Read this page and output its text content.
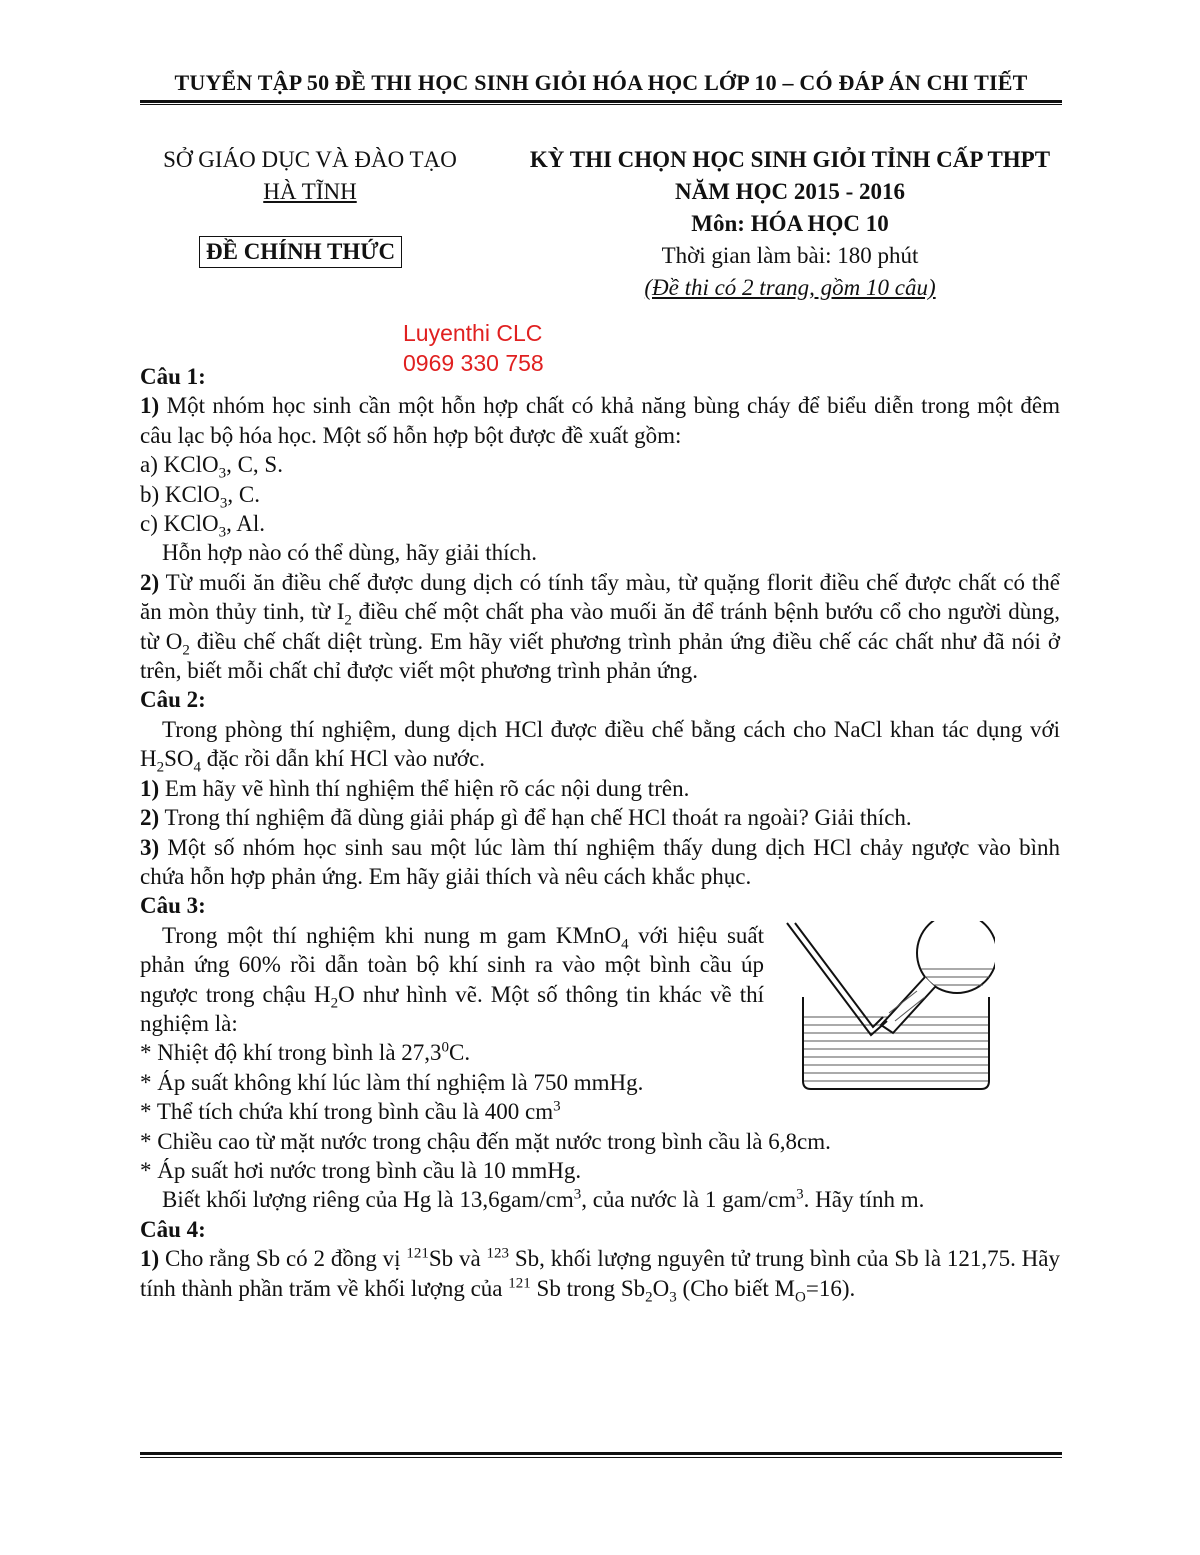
TUYỂN TẬP 50 ĐỀ THI HỌC SINH GIỎI HÓA HỌC LỚP 10 – CÓ ĐÁP ÁN CHI TIẾT
SỞ GIÁO DỤC VÀ ĐÀO TẠO
HÀ TĨNH
ĐỀ CHÍNH THỨC
KỲ THI CHỌN HỌC SINH GIỎI TỈNH CẤP THPT
NĂM HỌC 2015 - 2016
Môn: HÓA HỌC 10
Thời gian làm bài: 180 phút
(Đề thi có 2 trang, gồm 10 câu)
Luyenthi CLC
0969 330 758

Câu 1:

1) Một nhóm học sinh cần một hỗn hợp chất có khả năng bùng cháy để biểu diễn trong một đêm câu lạc bộ hóa học. Một số hỗn hợp bột được đề xuất gồm:

a) KClO$_3$, C, S.

b) KClO$_3$, C.

c) KClO$_3$, Al.

Hỗn hợp nào có thể dùng, hãy giải thích.

2) Từ muối ăn điều chế được dung dịch có tính tẩy màu, từ quặng florit điều chế được chất có thể ăn mòn thủy tinh, từ $I_2$ điều chế một chất pha vào muối ăn để tránh bệnh bướu cổ cho người dùng, từ $O_2$ điều chế chất diệt trùng. Em hãy viết phương trình phản ứng điều chế các chất như đã nói ở trên, biết mỗi chất chỉ được viết một phương trình phản ứng.

Câu 2:

Trong phòng thí nghiệm, dung dịch HCl được điều chế bằng cách cho NaCl khan tác dụng với $H_2SO_4$ đặc rồi dẫn khí HCl vào nước.

1) Em hãy vẽ hình thí nghiệm thể hiện rõ các nội dung trên.

2) Trong thí nghiệm đã dùng giải pháp gì để hạn chế HCl thoát ra ngoài? Giải thích.

3) Một số nhóm học sinh sau một lúc làm thí nghiệm thấy dung dịch HCl chảy ngược vào bình chứa hỗn hợp phản ứng. Em hãy giải thích và nêu cách khắc phục.

Câu 3:

Trong một thí nghiệm khi nung m gam KMnO$_4$ với hiệu suất phản ứng 60% rồi dẫn toàn bộ khí sinh ra vào một bình cầu úp ngược trong chậu $H_2O$ như hình vẽ. Một số thông tin khác về thí nghiệm là:

* Nhiệt độ khí trong bình là 27,3$^0$C.

* Áp suất không khí lúc làm thí nghiệm là 750 mmHg.

* Thể tích chứa khí trong bình cầu là 400 $cm^3$

* Chiều cao từ mặt nước trong chậu đến mặt nước trong bình cầu là 6,8cm.

* Áp suất hơi nước trong bình cầu là 10 mmHg.

Biết khối lượng riêng của Hg là $13,6gam/cm^3$, của nước là 1 gam/$cm^3$. Hãy tính m.

Câu 4:

1) Cho rằng Sb có 2 đồng vị $^{121}$Sb và $^{123}$ Sb, khối lượng nguyên tử trung bình của Sb là 121,75. Hãy tính thành phần trăm về khối lượng của $^{121}$ Sb trong $Sb_2O_3$ (Cho biết $M_O=16$).
